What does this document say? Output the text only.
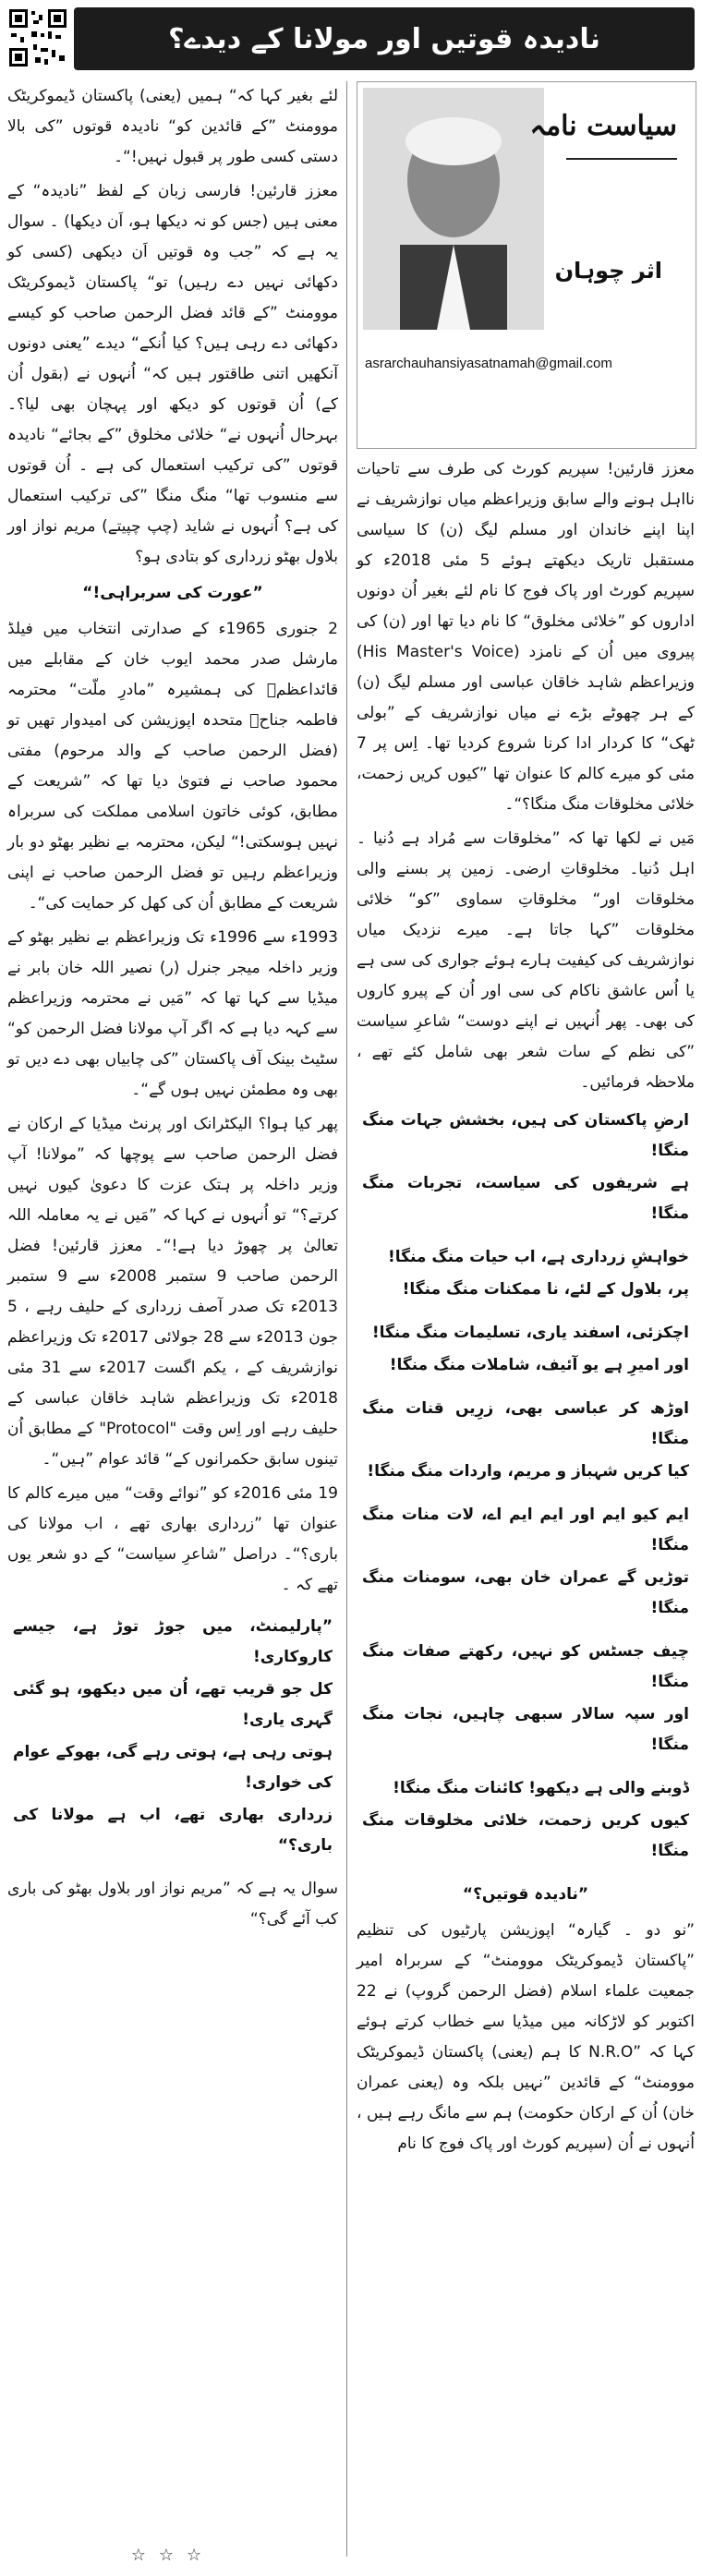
نادیدہ قوتیں اور مولانا کے دیدے؟
سیاست نامہ
اثر چوہان
asrarchauhansiyasatnamah@gmail.com

معزز قارئین! سپریم کورٹ کی طرف سے تاحیات نااہل ہونے والے سابق وزیراعظم میاں نوازشریف نے اپنا اپنے خاندان اور مسلم لیگ (ن) کا سیاسی مستقبل تاریک دیکھتے ہوئے 5 مئی 2018ء کو سپریم کورٹ اور پاک فوج کا نام لئے بغیر اُن دونوں اداروں کو ”خلائی مخلوق“ کا نام دیا تھا اور (ن) کی پیروی میں اُن کے نامزد (His Master's Voice) وزیراعظم شاہد خاقان عباسی اور مسلم لیگ (ن) کے ہر چھوٹے بڑے نے میاں نوازشریف کے ”بولی ٹھک“ کا کردار ادا کرنا شروع کردیا تھا۔ اِس پر 7 مئی کو میرے کالم کا عنوان تھا ”کیوں کریں زحمت، خلائی مخلوقات منگ منگا؟“۔

مَیں نے لکھا تھا کہ ”مخلوقات سے مُراد ہے دُنیا ۔ اہل دُنیا۔ مخلوقاتِ ارضی۔ زمین پر بسنے والی مخلوقات اور“ مخلوقاتِ سماوی ”کو“ خلائی مخلوقات ”کہا جاتا ہے۔ میرے نزدیک میاں نوازشریف کی کیفیت ہارے ہوئے جواری کی سی ہے یا اُس عاشق ناکام کی سی اور اُن کے پیرو کاروں کی بھی۔ پھر اُنہیں نے اپنے دوست“ شاعرِ سیاست ”کی نظم کے سات شعر بھی شامل کئے تھے ، ملاحظہ فرمائیں۔

ارضِ پاکستان کی ہیں، بخشش جہات منگ منگا!
ہے شریفوں کی سیاست، تجربات منگ منگا!
خواہشِ زرداری ہے، اب حیات منگ منگا!
پر، بلاول کے لئے، نا ممکنات منگ منگا!
اچکزئی، اسفند یاری، تسلیمات منگ منگا!
اور امیرِ ہے یو آئیف، شاملات منگ منگا!
اوڑھ کر عباسی بھی، زرِیں قنات منگ منگا!
کیا کریں شہباز و مریم، واردات منگ منگا!
ایم کیو ایم اور ایم ایم اے، لات منات منگ منگا!
توڑیں گے عمران خان بھی، سومنات منگ منگا!
چیف جسٹس کو نہیں، رکھتے صفات منگ منگا!
اور سپہ سالار سبھی چاہیں، نجات منگ منگا!
ڈوبنے والی ہے دیکھو! کائنات منگ منگا!
کیوں کریں زحمت، خلائی مخلوقات منگ منگا!
”نادیدہ قوتیں؟“

”نو دو ۔ گیارہ“ اپوزیشن پارٹیوں کی تنظیم ”پاکستان ڈیموکریٹک موومنٹ“ کے سربراہ امیر جمعیت علماء اسلام (فضل الرحمن گروپ) نے 22 اکتوبر کو لاڑکانہ میں میڈیا سے خطاب کرتے ہوئے کہا کہ ”N.R.O کا ہم (یعنی) پاکستان ڈیموکریٹک موومنٹ“ کے قائدین ”نہیں بلکہ وہ (یعنی عمران خان) اُن کے ارکان حکومت) ہم سے مانگ رہے ہیں ، اُنہوں نے اُن (سپریم کورٹ اور پاک فوج کا نام

لئے بغیر کہا کہ“ ہمیں (یعنی) پاکستان ڈیموکریٹک موومنٹ ”کے قائدین کو“ نادیدہ قوتوں ”کی بالا دستی کسی طور پر قبول نہیں!“۔

معزز قارئین! فارسی زبان کے لفظ ”نادیدہ“ کے معنی ہیں (جس کو نہ دیکھا ہو، اَن دیکھا) ۔ سوال یہ ہے کہ ”جب وہ قوتیں اَن دیکھی (کسی کو دکھائی نہیں دے رہیں) تو“ پاکستان ڈیموکریٹک موومنٹ ”کے قائد فضل الرحمن صاحب کو کیسے دکھائی دے رہی ہیں؟ کیا اُنکے“ دیدے ”یعنی دونوں آنکھیں اتنی طاقتور ہیں کہ“ اُنہوں نے (بقول اُن کے) اُن قوتوں کو دیکھ اور پہچان بھی لیا؟۔ بہرحال اُنہوں نے“ خلائی مخلوق ”کے بجائے“ نادیدہ قوتوں ”کی ترکیب استعمال کی ہے ۔ اُن قوتوں سے منسوب تھا“ منگ منگا ”کی ترکیب استعمال کی ہے؟ اُنہوں نے شاید (چپ چپیتے) مریم نواز اور بلاول بھٹو زرداری کو بتادی ہو؟

”عورت کی سربراہی!“

2 جنوری 1965ء کے صدارتی انتخاب میں فیلڈ مارشل صدر محمد ایوب خان کے مقابلے میں قائداعظمؒ کی ہمشیرہ ”مادرِ ملّت“ محترمہ فاطمہ جناحؒ متحدہ اپوزیشن کی امیدوار تھیں تو (فضل الرحمن صاحب کے والد مرحوم) مفتی محمود صاحب نے فتویٰ دیا تھا کہ ”شریعت کے مطابق، کوئی خاتون اسلامی مملکت کی سربراہ نہیں ہوسکتی!“ لیکن، محترمہ بے نظیر بھٹو دو بار وزیراعظم رہیں تو فضل الرحمن صاحب نے اپنی شریعت کے مطابق اُن کی کھل کر حمایت کی“۔

1993ء سے 1996ء تک وزیراعظم بے نظیر بھٹو کے وزیر داخلہ میجر جنرل (ر) نصیر اللہ خان بابر نے میڈیا سے کہا تھا کہ ”مَیں نے محترمہ وزیراعظم سے کہہ دیا ہے کہ اگر آپ مولانا فضل الرحمن کو“ سٹیٹ بینک آف پاکستان ”کی چابیاں بھی دے دیں تو بھی وہ مطمئن نہیں ہوں گے“۔

پھر کیا ہوا؟ الیکٹرانک اور پرنٹ میڈیا کے ارکان نے فضل الرحمن صاحب سے پوچھا کہ ”مولانا! آپ وزیر داخلہ پر ہتک عزت کا دعویٰ کیوں نہیں کرتے؟“ تو اُنہوں نے کہا کہ ”مَیں نے یہ معاملہ اللہ تعالیٰ پر چھوڑ دیا ہے!“۔ معزز قارئین! فضل الرحمن صاحب 9 ستمبر 2008ء سے 9 ستمبر 2013ء تک صدر آصف زرداری کے حلیف رہے ، 5 جون 2013ء سے 28 جولائی 2017ء تک وزیراعظم نوازشریف کے ، یکم اگست 2017ء سے 31 مئی 2018ء تک وزیراعظم شاہد خاقان عباسی کے حلیف رہے اور اِس وقت "Protocol" کے مطابق اُن تینوں سابق حکمرانوں کے“ قائد عوام ”ہیں“۔

19 مئی 2016ء کو ”نوائے وقت“ میں میرے کالم کا عنوان تھا ”زرداری بھاری تھے ، اب مولانا کی باری؟“۔ دراصل ”شاعرِ سیاست“ کے دو شعر یوں تھے کہ ۔

”پارلیمنٹ، میں جوڑ توڑ ہے، جیسے کاروکاری!
کل جو قریب تھے، اُن میں دیکھو، ہو گئی گہری یاری!
ہوتی رہی ہے، ہوتی رہے گی، بھوکے عوام کی خواری!
زرداری بھاری تھے، اب ہے مولانا کی باری؟“

سوال یہ ہے کہ ”مریم نواز اور بلاول بھٹو کی باری کب آئے گی؟“

☆☆☆
